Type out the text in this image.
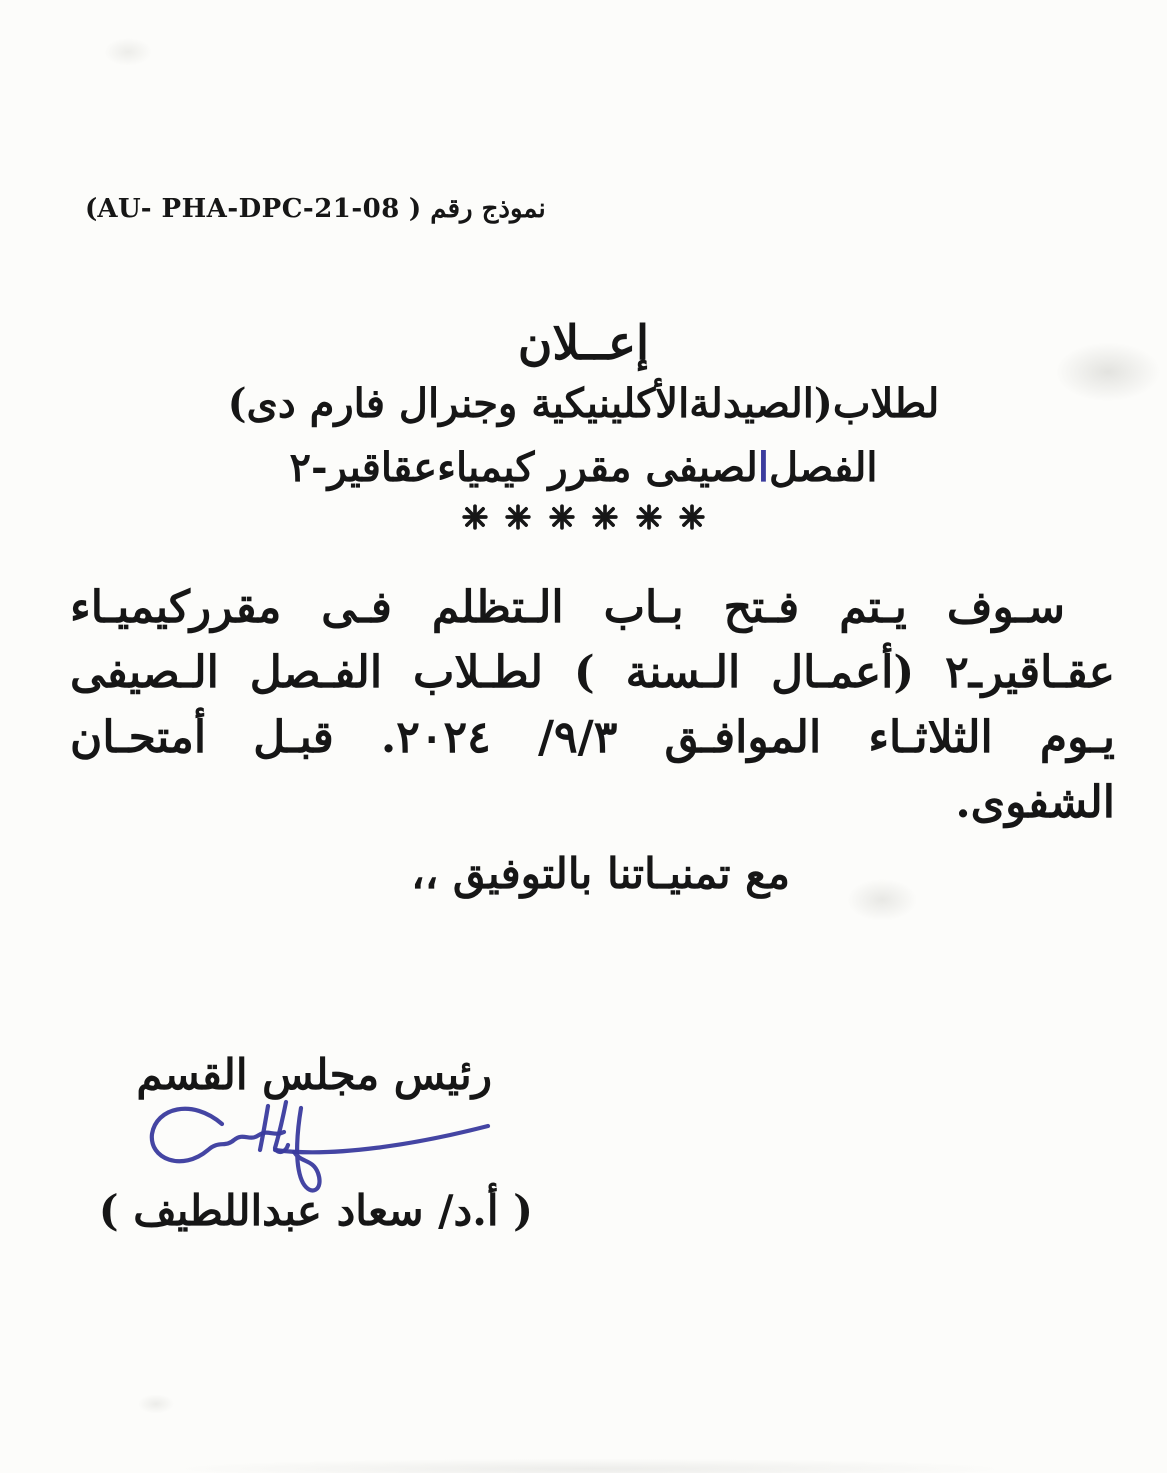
نموذج رقم ( AU- PHA-DPC-21-08)
إعــلان
لطلاب(الصيدلةالأكلينيكية وجنرال فارم دى)
الفصل‌الصيفى مقرر كيمياءعقاقير-٢

سـوف يـتم فـتح بـاب الـتظلم فـى مقرركيميـاء
عقـاقيرـ٢ (أعمـال الـسنة ) لطـلاب الفـصل الـصيفى
يـوم الثلاثـاء الموافـق ٣‏/‏٩‏/ ٢٠٢٤. قبـل أمتحـان
الشفوى.
مع تمنيـاتنا بالتوفيق ،،
رئيس مجلس القسم
( أ.د/ سعاد عبداللطيف )
